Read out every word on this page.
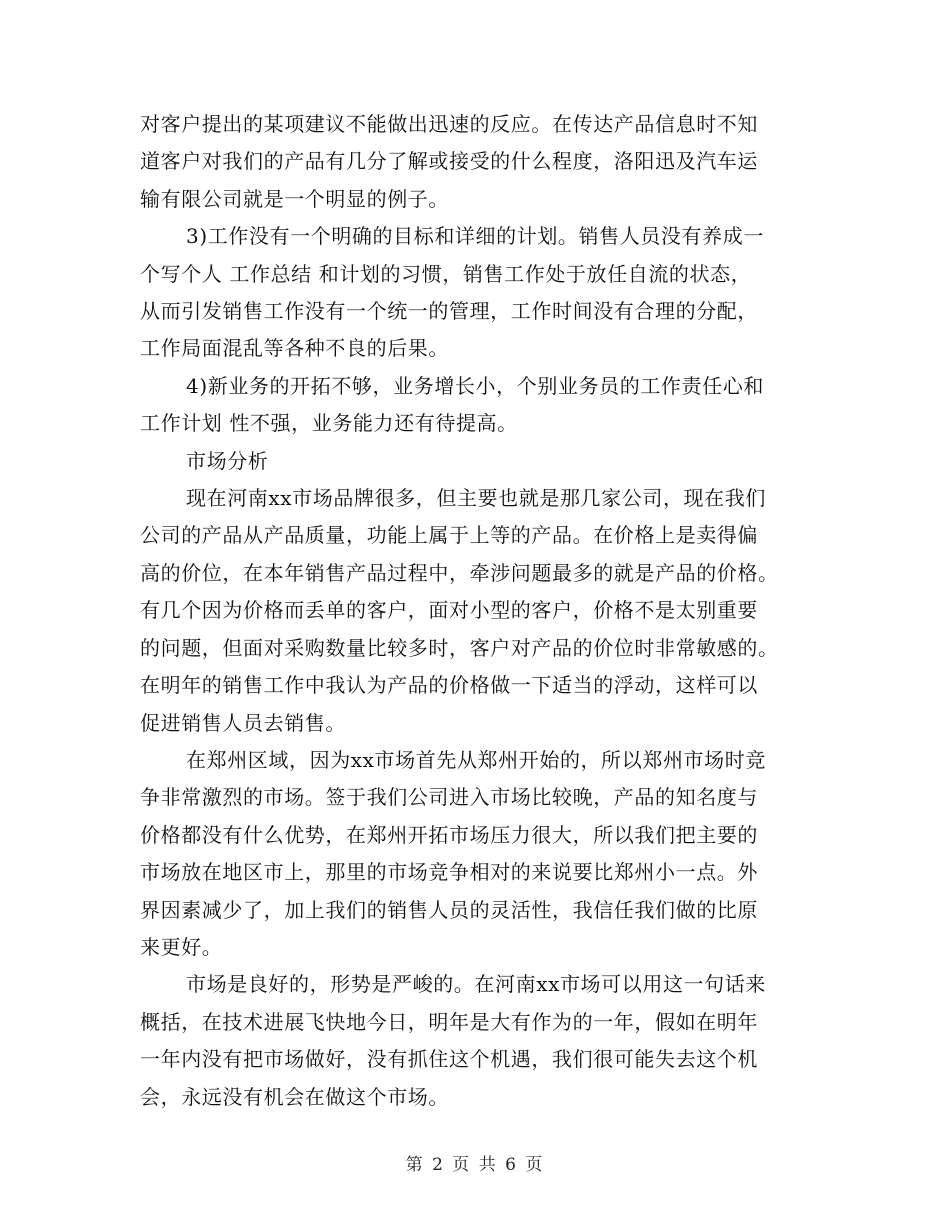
对客户提出的某项建议不能做出迅速的反应。在传达产品信息时不知
道客户对我们的产品有几分了解或接受的什么程度，洛阳迅及汽车运
输有限公司就是一个明显的例子。

3)工作没有一个明确的目标和详细的计划。销售人员没有养成一
个写个人 工作总结 和计划的习惯，销售工作处于放任自流的状态，
从而引发销售工作没有一个统一的管理，工作时间没有合理的分配，
工作局面混乱等各种不良的后果。

4)新业务的开拓不够，业务增长小，个别业务员的工作责任心和
工作计划 性不强，业务能力还有待提高。

市场分析

现在河南xx市场品牌很多，但主要也就是那几家公司，现在我们
公司的产品从产品质量，功能上属于上等的产品。在价格上是卖得偏
高的价位，在本年销售产品过程中，牵涉问题最多的就是产品的价格。
有几个因为价格而丢单的客户，面对小型的客户，价格不是太别重要
的问题，但面对采购数量比较多时，客户对产品的价位时非常敏感的。
在明年的销售工作中我认为产品的价格做一下适当的浮动，这样可以
促进销售人员去销售。

在郑州区域，因为xx市场首先从郑州开始的，所以郑州市场时竞
争非常激烈的市场。签于我们公司进入市场比较晚，产品的知名度与
价格都没有什么优势，在郑州开拓市场压力很大，所以我们把主要的
市场放在地区市上，那里的市场竞争相对的来说要比郑州小一点。外
界因素减少了，加上我们的销售人员的灵活性，我信任我们做的比原
来更好。

市场是良好的，形势是严峻的。在河南xx市场可以用这一句话来
概括，在技术进展飞快地今日，明年是大有作为的一年，假如在明年
一年内没有把市场做好，没有抓住这个机遇，我们很可能失去这个机
会，永远没有机会在做这个市场。

第 2 页 共 6 页
